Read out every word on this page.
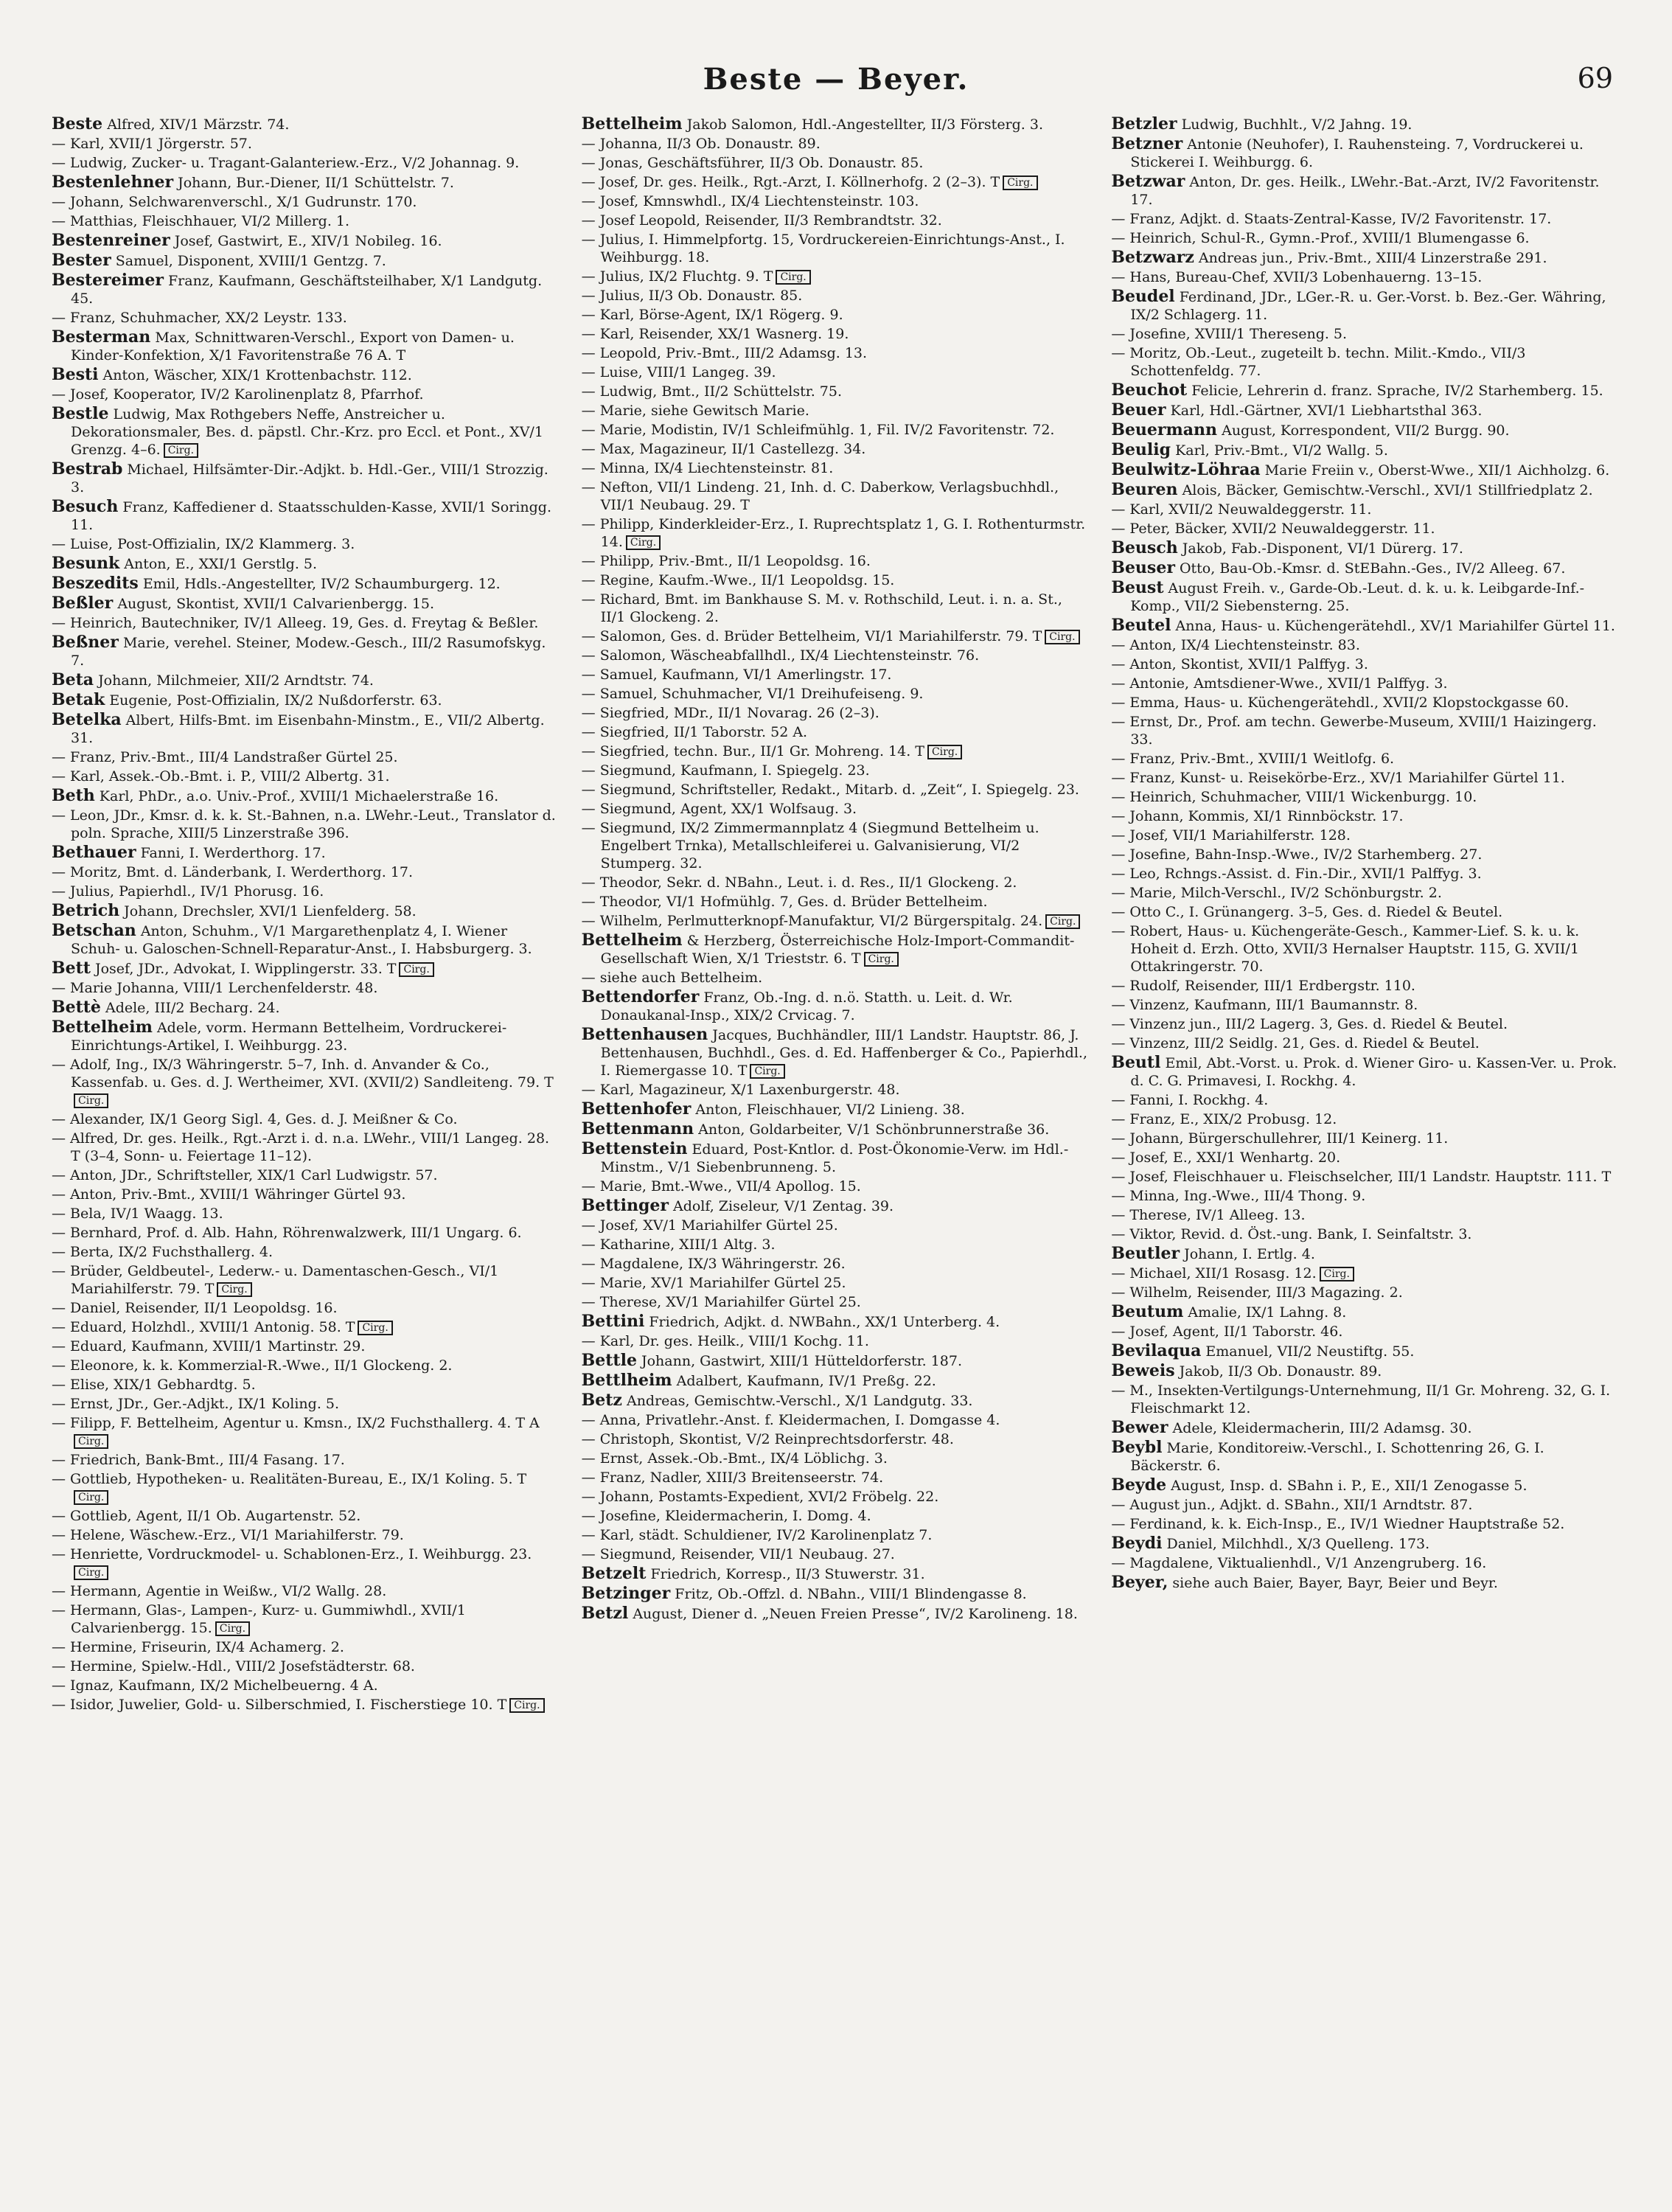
Beste — Beyer.	69
Beste Alfred, XIV/1 Märzstr. 74.
— Karl, XVII/1 Jörgerstr. 57.
— Ludwig, Zucker- u. Tragant-Galanteriew.-Erz., V/2 Johannag. 9.
Bestenlehner Johann, Bur.-Diener, II/1 Schüttelstr. 7.
— Johann, Selchwarenverschl., X/1 Gudrunstr. 170.
— Matthias, Fleischhauer, VI/2 Millerg. 1.
Bestenreiner Josef, Gastwirt, E., XIV/1 Nobileg. 16.
Bester Samuel, Disponent, XVIII/1 Gentzg. 7.
Bestereimer Franz, Kaufmann, Geschäftsteilhaber, X/1 Landgutg. 45.
— Franz, Schuhmacher, XX/2 Leystr. 133.
Besterman Max, Schnittwaren-Verschl., Export von Damen- u. Kinder-Konfektion, X/1 Favoritenstraße 76 A. T
Besti Anton, Wäscher, XIX/1 Krottenbachstr. 112.
— Josef, Kooperator, IV/2 Karolinenplatz 8, Pfarrhof.
Bestle Ludwig, Max Rothgebers Neffe, Anstreicher u. Dekorationsmaler, Bes. d. päpstl. Chr.-Krz. pro Eccl. et Pont., XV/1 Grenzg. 4–6. Cirg.
Bestrab Michael, Hilfsämter-Dir.-Adjkt. b. Hdl.-Ger., VIII/1 Strozzig. 3.
Besuch Franz, Kaffediener d. Staatsschulden-Kasse, XVII/1 Soringg. 11.
— Luise, Post-Offizialin, IX/2 Klammerg. 3.
Besunk Anton, E., XXI/1 Gerstlg. 5.
Beszedits Emil, Hdls.-Angestellter, IV/2 Schaumburgerg. 12.
Beßler August, Skontist, XVII/1 Calvarienbergg. 15.
— Heinrich, Bautechniker, IV/1 Alleeg. 19, Ges. d. Freytag & Beßler.
Beßner Marie, verehel. Steiner, Modew.-Gesch., III/2 Rasumofskyg. 7.
Beta Johann, Milchmeier, XII/2 Arndtstr. 74.
Betak Eugenie, Post-Offizialin, IX/2 Nußdorferstr. 63.
Betelka Albert, Hilfs-Bmt. im Eisenbahn-Minstm., E., VII/2 Albertg. 31.
— Franz, Priv.-Bmt., III/4 Landstraßer Gürtel 25.
— Karl, Assek.-Ob.-Bmt. i. P., VIII/2 Albertg. 31.
Beth Karl, PhDr., a.o. Univ.-Prof., XVIII/1 Michaelerstraße 16.
— Leon, JDr., Kmsr. d. k. k. St.-Bahnen, n.a. LWehr.-Leut., Translator d. poln. Sprache, XIII/5 Linzerstraße 396.
Bethauer Fanni, I. Werderthorg. 17.
— Moritz, Bmt. d. Länderbank, I. Werderthorg. 17.
— Julius, Papierhdl., IV/1 Phorusg. 16.
Betrich Johann, Drechsler, XVI/1 Lienfelderg. 58.
Betschan Anton, Schuhm., V/1 Margarethenplatz 4, I. Wiener Schuh- u. Galoschen-Schnell-Reparatur-Anst., I. Habsburgerg. 3.
Bett Josef, JDr., Advokat, I. Wipplingerstr. 33. T Cirg.
— Marie Johanna, VIII/1 Lerchenfelderstr. 48.
Bettè Adele, III/2 Becharg. 24.
Bettelheim Adele, vorm. Hermann Bettelheim, Vordruckerei-Einrichtungs-Artikel, I. Weihburgg. 23.
— Adolf, Ing., IX/3 Währingerstr. 5–7, Inh. d. Anvander & Co., Kassenfab. u. Ges. d. J. Wertheimer, XVI. (XVII/2) Sandleiteng. 79. TCirg.
— Alexander, IX/1 Georg Sigl. 4, Ges. d. J. Meißner & Co.
— Alfred, Dr. ges. Heilk., Rgt.-Arzt i. d. n.a. LWehr., VIII/1 Langeg. 28. T (3–4, Sonn- u. Feiertage 11–12).
— Anton, JDr., Schriftsteller, XIX/1 Carl Ludwigstr. 57.
— Anton, Priv.-Bmt., XVIII/1 Währinger Gürtel 93.
— Bela, IV/1 Waagg. 13.
— Bernhard, Prof. d. Alb. Hahn, Röhrenwalzwerk, III/1 Ungarg. 6.
— Berta, IX/2 Fuchsthallerg. 4.
— Brüder, Geldbeutel-, Lederw.- u. Damentaschen-Gesch., VI/1 Mariahilferstr. 79. T Cirg.
— Daniel, Reisender, II/1 Leopoldsg. 16.
— Eduard, Holzhdl., XVIII/1 Antonig. 58. T Cirg.
— Eduard, Kaufmann, XVIII/1 Martinstr. 29.
— Eleonore, k. k. Kommerzial-R.-Wwe., II/1 Glockeng. 2.
— Elise, XIX/1 Gebhardtg. 5.
— Ernst, JDr., Ger.-Adjkt., IX/1 Koling. 5.
— Filipp, F. Bettelheim, Agentur u. Kmsn., IX/2 Fuchsthallerg. 4. T ACirg.
— Friedrich, Bank-Bmt., III/4 Fasang. 17.
— Gottlieb, Hypotheken- u. Realitäten-Bureau, E., IX/1 Koling. 5. TCirg.
— Gottlieb, Agent, II/1 Ob. Augartenstr. 52.
— Helene, Wäschew.-Erz., VI/1 Mariahilferstr. 79.
— Henriette, Vordruckmodel- u. Schablonen-Erz., I. Weihburgg. 23.Cirg.
— Hermann, Agentie in Weißw., VI/2 Wallg. 28.
— Hermann, Glas-, Lampen-, Kurz- u. Gummiwhdl., XVII/1 Calvarienbergg. 15. Cirg.
— Hermine, Friseurin, IX/4 Achamerg. 2.
— Hermine, Spielw.-Hdl., VIII/2 Josefstädterstr. 68.
— Ignaz, Kaufmann, IX/2 Michelbeuerng. 4 A.
— Isidor, Juwelier, Gold- u. Silberschmied, I. Fischerstiege 10. T Cirg.
Bettelheim Jakob Salomon, Hdl.-Angestellter, II/3 Försterg. 3.
— Johanna, II/3 Ob. Donaustr. 89.
— Jonas, Geschäftsführer, II/3 Ob. Donaustr. 85.
— Josef, Dr. ges. Heilk., Rgt.-Arzt, I. Köllnerhofg. 2 (2–3). T Cirg.
— Josef, Kmnswhdl., IX/4 Liechtensteinstr. 103.
— Josef Leopold, Reisender, II/3 Rembrandtstr. 32.
— Julius, I. Himmelpfortg. 15, Vordruckereien-Einrichtungs-Anst., I. Weihburgg. 18.
— Julius, IX/2 Fluchtg. 9. T Cirg.
— Julius, II/3 Ob. Donaustr. 85.
— Karl, Börse-Agent, IX/1 Rögerg. 9.
— Karl, Reisender, XX/1 Wasnerg. 19.
— Leopold, Priv.-Bmt., III/2 Adamsg. 13.
— Luise, VIII/1 Langeg. 39.
— Ludwig, Bmt., II/2 Schüttelstr. 75.
— Marie, siehe Gewitsch Marie.
— Marie, Modistin, IV/1 Schleifmühlg. 1, Fil. IV/2 Favoritenstr. 72.
— Max, Magazineur, II/1 Castellezg. 34.
— Minna, IX/4 Liechtensteinstr. 81.
— Nefton, VII/1 Lindeng. 21, Inh. d. C. Daberkow, Verlagsbuchhdl., VII/1 Neubaug. 29. T
— Philipp, Kinderkleider-Erz., I. Ruprechtsplatz 1, G. I. Rothenturmstr. 14. Cirg.
— Philipp, Priv.-Bmt., II/1 Leopoldsg. 16.
— Regine, Kaufm.-Wwe., II/1 Leopoldsg. 15.
— Richard, Bmt. im Bankhause S. M. v. Rothschild, Leut. i. n. a. St., II/1 Glockeng. 2.
— Salomon, Ges. d. Brüder Bettelheim, VI/1 Mariahilferstr. 79. T Cirg.
— Salomon, Wäscheabfallhdl., IX/4 Liechtensteinstr. 76.
— Samuel, Kaufmann, VI/1 Amerlingstr. 17.
— Samuel, Schuhmacher, VI/1 Dreihufeiseng. 9.
— Siegfried, MDr., II/1 Novarag. 26 (2–3).
— Siegfried, II/1 Taborstr. 52 A.
— Siegfried, techn. Bur., II/1 Gr. Mohreng. 14. T Cirg.
— Siegmund, Kaufmann, I. Spiegelg. 23.
— Siegmund, Schriftsteller, Redakt., Mitarb. d. „Zeit“, I. Spiegelg. 23.
— Siegmund, Agent, XX/1 Wolfsaug. 3.
— Siegmund, IX/2 Zimmermannplatz 4 (Siegmund Bettelheim u. Engelbert Trnka), Metallschleiferei u. Galvanisierung, VI/2 Stumperg. 32.
— Theodor, Sekr. d. NBahn., Leut. i. d. Res., II/1 Glockeng. 2.
— Theodor, VI/1 Hofmühlg. 7, Ges. d. Brüder Bettelheim.
— Wilhelm, Perlmutterknopf-Manufaktur, VI/2 Bürgerspitalg. 24. Cirg.
Bettelheim & Herzberg, Österreichische Holz-Import-Commandit-Gesellschaft Wien, X/1 Trieststr. 6. T Cirg.
— siehe auch Bettelheim.
Bettendorfer Franz, Ob.-Ing. d. n.ö. Statth. u. Leit. d. Wr. Donaukanal-Insp., XIX/2 Crvicag. 7.
Bettenhausen Jacques, Buchhändler, III/1 Landstr. Hauptstr. 86, J. Bettenhausen, Buchhdl., Ges. d. Ed. Haffenberger & Co., Papierhdl., I. Riemergasse 10. T Cirg.
— Karl, Magazineur, X/1 Laxenburgerstr. 48.
Bettenhofer Anton, Fleischhauer, VI/2 Linieng. 38.
Bettenmann Anton, Goldarbeiter, V/1 Schönbrunnerstraße 36.
Bettenstein Eduard, Post-Kntlor. d. Post-Ökonomie-Verw. im Hdl.-Minstm., V/1 Siebenbrunneng. 5.
— Marie, Bmt.-Wwe., VII/4 Apollog. 15.
Bettinger Adolf, Ziseleur, V/1 Zentag. 39.
— Josef, XV/1 Mariahilfer Gürtel 25.
— Katharine, XIII/1 Altg. 3.
— Magdalene, IX/3 Währingerstr. 26.
— Marie, XV/1 Mariahilfer Gürtel 25.
— Therese, XV/1 Mariahilfer Gürtel 25.
Bettini Friedrich, Adjkt. d. NWBahn., XX/1 Unterberg. 4.
— Karl, Dr. ges. Heilk., VIII/1 Kochg. 11.
Bettle Johann, Gastwirt, XIII/1 Hütteldorferstr. 187.
Bettlheim Adalbert, Kaufmann, IV/1 Preßg. 22.
Betz Andreas, Gemischtw.-Verschl., X/1 Landgutg. 33.
— Anna, Privatlehr.-Anst. f. Kleidermachen, I. Domgasse 4.
— Christoph, Skontist, V/2 Reinprechtsdorferstr. 48.
— Ernst, Assek.-Ob.-Bmt., IX/4 Löblichg. 3.
— Franz, Nadler, XIII/3 Breitenseerstr. 74.
— Johann, Postamts-Expedient, XVI/2 Fröbelg. 22.
— Josefine, Kleidermacherin, I. Domg. 4.
— Karl, städt. Schuldiener, IV/2 Karolinenplatz 7.
— Siegmund, Reisender, VII/1 Neubaug. 27.
Betzelt Friedrich, Korresp., II/3 Stuwerstr. 31.
Betzinger Fritz, Ob.-Offzl. d. NBahn., VIII/1 Blindengasse 8.
Betzl August, Diener d. „Neuen Freien Presse“, IV/2 Karolineng. 18.
Betzler Ludwig, Buchhlt., V/2 Jahng. 19.
Betzner Antonie (Neuhofer), I. Rauhensteing. 7, Vordruckerei u. Stickerei I. Weihburgg. 6.
Betzwar Anton, Dr. ges. Heilk., LWehr.-Bat.-Arzt, IV/2 Favoritenstr. 17.
— Franz, Adjkt. d. Staats-Zentral-Kasse, IV/2 Favoritenstr. 17.
— Heinrich, Schul-R., Gymn.-Prof., XVIII/1 Blumengasse 6.
Betzwarz Andreas jun., Priv.-Bmt., XIII/4 Linzerstraße 291.
— Hans, Bureau-Chef, XVII/3 Lobenhauerng. 13–15.
Beudel Ferdinand, JDr., LGer.-R. u. Ger.-Vorst. b. Bez.-Ger. Währing, IX/2 Schlagerg. 11.
— Josefine, XVIII/1 Thereseng. 5.
— Moritz, Ob.-Leut., zugeteilt b. techn. Milit.-Kmdo., VII/3 Schottenfeldg. 77.
Beuchot Felicie, Lehrerin d. franz. Sprache, IV/2 Starhemberg. 15.
Beuer Karl, Hdl.-Gärtner, XVI/1 Liebhartsthal 363.
Beuermann August, Korrespondent, VII/2 Burgg. 90.
Beulig Karl, Priv.-Bmt., VI/2 Wallg. 5.
Beulwitz-Löhraa Marie Freiin v., Oberst-Wwe., XII/1 Aichholzg. 6.
Beuren Alois, Bäcker, Gemischtw.-Verschl., XVI/1 Stillfriedplatz 2.
— Karl, XVII/2 Neuwaldeggerstr. 11.
— Peter, Bäcker, XVII/2 Neuwaldeggerstr. 11.
Beusch Jakob, Fab.-Disponent, VI/1 Dürerg. 17.
Beuser Otto, Bau-Ob.-Kmsr. d. StEBahn.-Ges., IV/2 Alleeg. 67.
Beust August Freih. v., Garde-Ob.-Leut. d. k. u. k. Leibgarde-Inf.-Komp., VII/2 Siebensterng. 25.
Beutel Anna, Haus- u. Küchengerätehdl., XV/1 Mariahilfer Gürtel 11.
— Anton, IX/4 Liechtensteinstr. 83.
— Anton, Skontist, XVII/1 Palffyg. 3.
— Antonie, Amtsdiener-Wwe., XVII/1 Palffyg. 3.
— Emma, Haus- u. Küchengerätehdl., XVII/2 Klopstockgasse 60.
— Ernst, Dr., Prof. am techn. Gewerbe-Museum, XVIII/1 Haizingerg. 33.
— Franz, Priv.-Bmt., XVIII/1 Weitlofg. 6.
— Franz, Kunst- u. Reisekörbe-Erz., XV/1 Mariahilfer Gürtel 11.
— Heinrich, Schuhmacher, VIII/1 Wickenburgg. 10.
— Johann, Kommis, XI/1 Rinnböckstr. 17.
— Josef, VII/1 Mariahilferstr. 128.
— Josefine, Bahn-Insp.-Wwe., IV/2 Starhemberg. 27.
— Leo, Rchngs.-Assist. d. Fin.-Dir., XVII/1 Palffyg. 3.
— Marie, Milch-Verschl., IV/2 Schönburgstr. 2.
— Otto C., I. Grünangerg. 3–5, Ges. d. Riedel & Beutel.
— Robert, Haus- u. Küchengeräte-Gesch., Kammer-Lief. S. k. u. k. Hoheit d. Erzh. Otto, XVII/3 Hernalser Hauptstr. 115, G. XVII/1 Ottakringerstr. 70.
— Rudolf, Reisender, III/1 Erdbergstr. 110.
— Vinzenz, Kaufmann, III/1 Baumannstr. 8.
— Vinzenz jun., III/2 Lagerg. 3, Ges. d. Riedel & Beutel.
— Vinzenz, III/2 Seidlg. 21, Ges. d. Riedel & Beutel.
Beutl Emil, Abt.-Vorst. u. Prok. d. Wiener Giro- u. Kassen-Ver. u. Prok. d. C. G. Primavesi, I. Rockhg. 4.
— Fanni, I. Rockhg. 4.
— Franz, E., XIX/2 Probusg. 12.
— Johann, Bürgerschullehrer, III/1 Keinerg. 11.
— Josef, E., XXI/1 Wenhartg. 20.
— Josef, Fleischhauer u. Fleischselcher, III/1 Landstr. Hauptstr. 111. T
— Minna, Ing.-Wwe., III/4 Thong. 9.
— Therese, IV/1 Alleeg. 13.
— Viktor, Revid. d. Öst.-ung. Bank, I. Seinfaltstr. 3.
Beutler Johann, I. Ertlg. 4.
— Michael, XII/1 Rosasg. 12. Cirg.
— Wilhelm, Reisender, III/3 Magazing. 2.
Beutum Amalie, IX/1 Lahng. 8.
— Josef, Agent, II/1 Taborstr. 46.
Bevilaqua Emanuel, VII/2 Neustiftg. 55.
Beweis Jakob, II/3 Ob. Donaustr. 89.
— M., Insekten-Vertilgungs-Unternehmung, II/1 Gr. Mohreng. 32, G. I. Fleischmarkt 12.
Bewer Adele, Kleidermacherin, III/2 Adamsg. 30.
Beybl Marie, Konditoreiw.-Verschl., I. Schottenring 26, G. I. Bäckerstr. 6.
Beyde August, Insp. d. SBahn i. P., E., XII/1 Zenogasse 5.
— August jun., Adjkt. d. SBahn., XII/1 Arndtstr. 87.
— Ferdinand, k. k. Eich-Insp., E., IV/1 Wiedner Hauptstraße 52.
Beydi Daniel, Milchhdl., X/3 Quelleng. 173.
— Magdalene, Viktualienhdl., V/1 Anzengruberg. 16.
Beyer, siehe auch Baier, Bayer, Bayr, Beier und Beyr.
